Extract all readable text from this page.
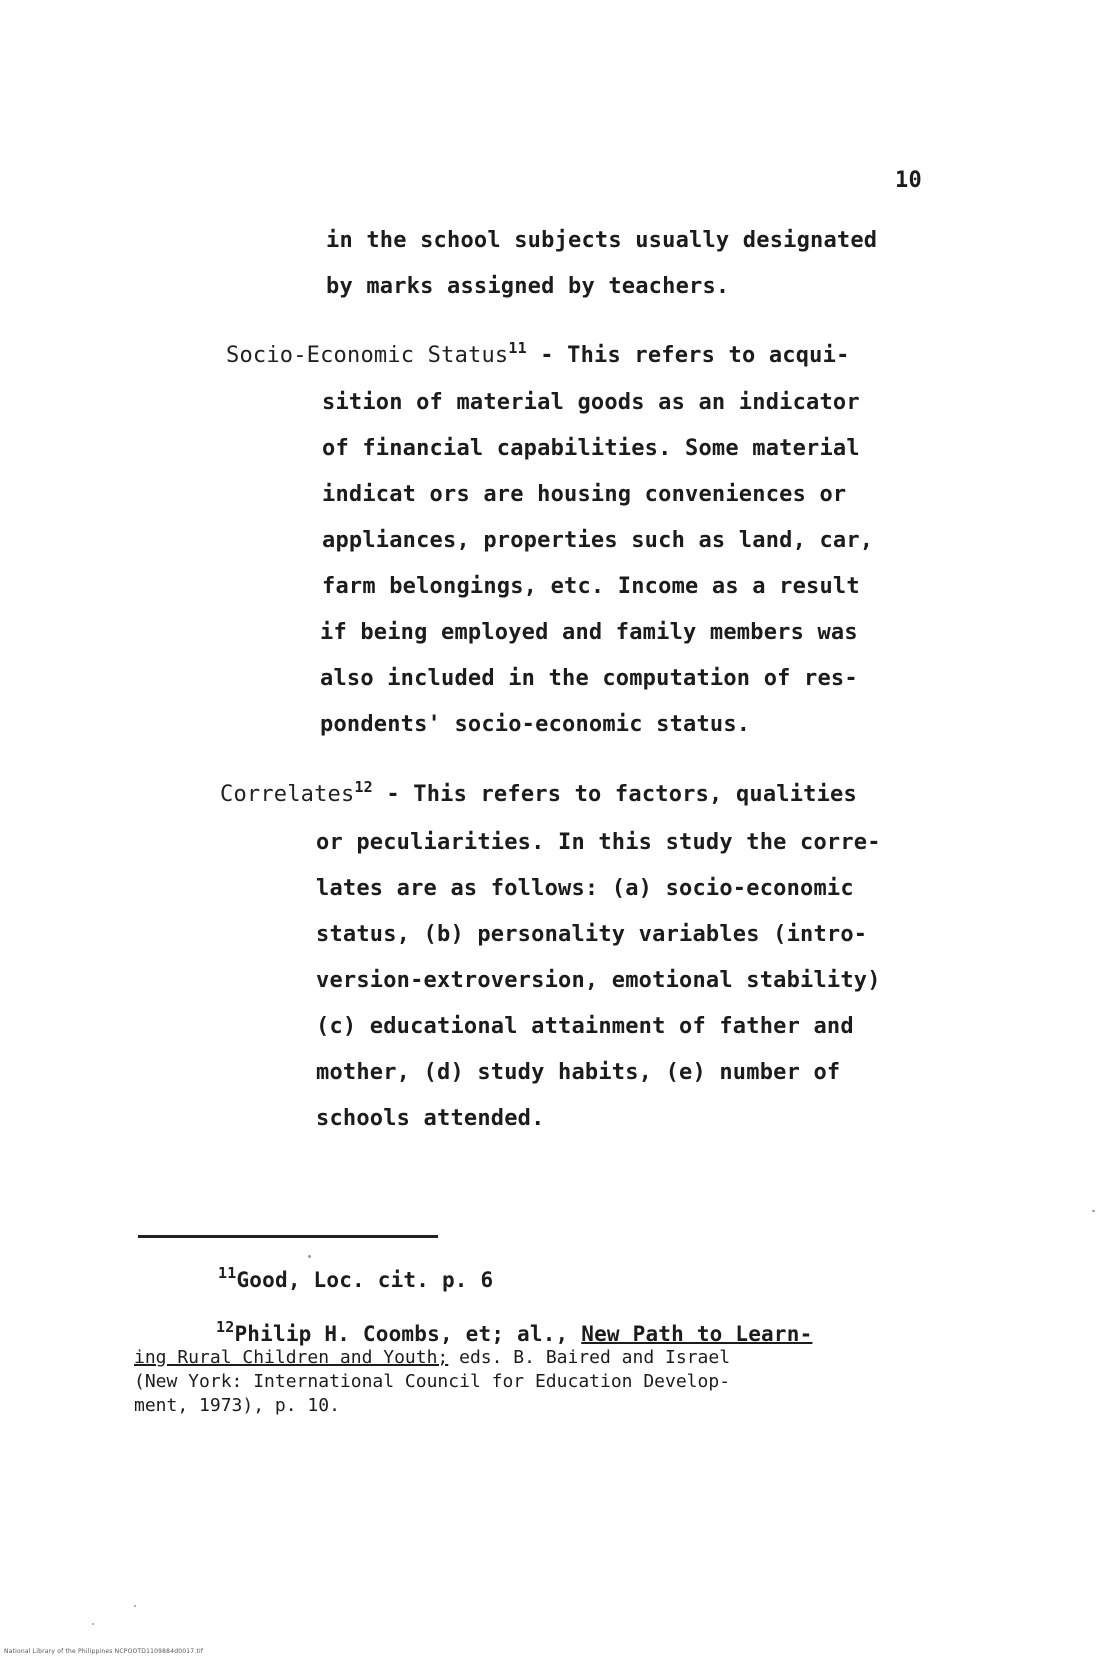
10
in the school subjects usually designated
by marks assigned by teachers.
Socio-Economic Status$^{11}$ - This refers to acqui-
sition of material goods as an indicator
of financial capabilities. Some material
indicat ors are housing conveniences or
appliances, properties such as land, car,
farm belongings, etc. Income as a result
if being employed and family members was
also included in the computation of res-
pondents' socio-economic status.
Correlates$^{12}$ - This refers to factors, qualities
or peculiarities. In this study the corre-
lates are as follows: (a) socio-economic
status, (b) personality variables (intro-
version-extroversion, emotional stability)
(c) educational attainment of father and
mother, (d) study habits, (e) number of
schools attended.
$^{11}$Good, Loc. cit. p. 6
$^{12}$Philip H. Coombs, et; al., New Path to Learn-
ing Rural Children and Youth; eds. B. Baired and Israel
(New York: International Council for Education Develop-
ment, 1973), p. 10.
National Library of the Philippines NCPOOTD1109884d0017.tif
